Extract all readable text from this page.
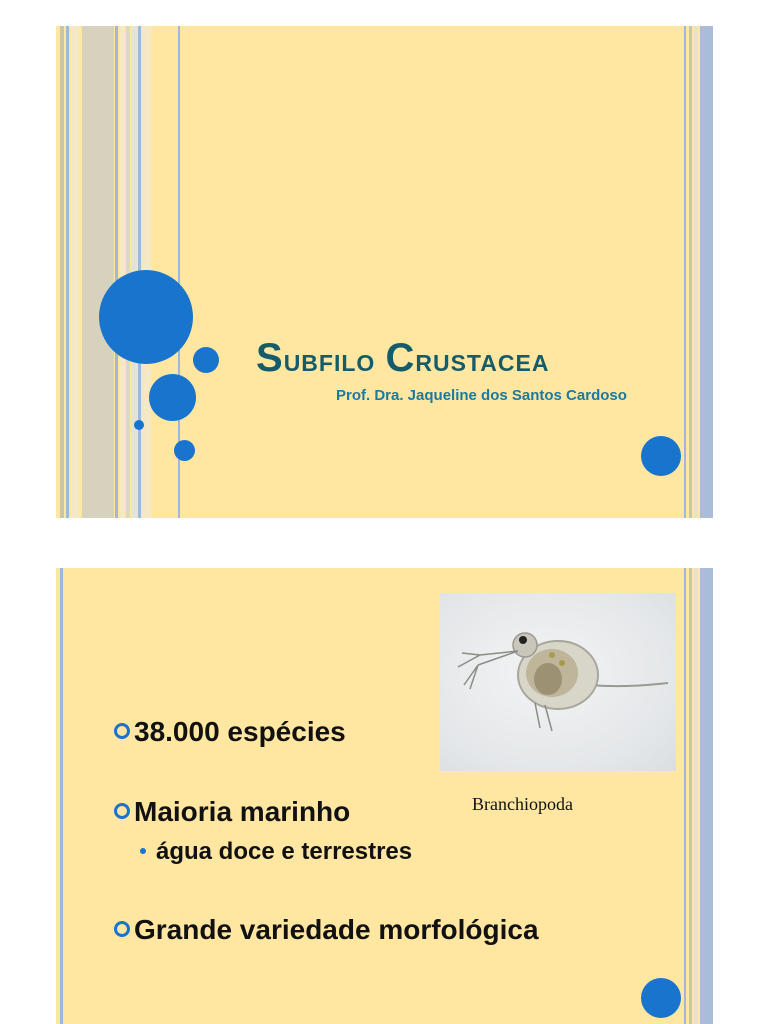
Subfilo Crustacea
Prof. Dra. Jaqueline dos Santos Cardoso
Branchiopoda
38.000 espécies
Maioria marinho
água doce e terrestres
Grande variedade morfológica
